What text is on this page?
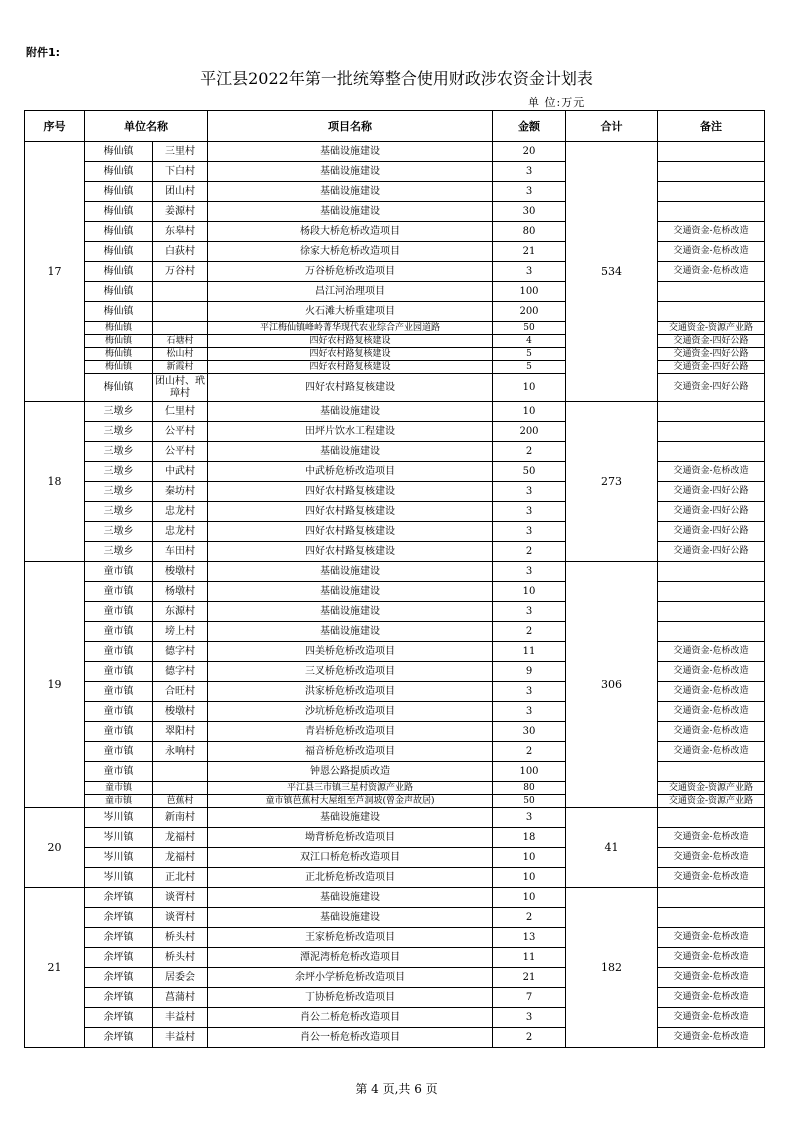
附件1:
平江县2022年第一批统筹整合使用财政涉农资金计划表
单 位:万元
序号	单位名称		项目名称	金额	合计	备注
17	梅仙镇	三里村	基础设施建设	20	534	
	梅仙镇	下白村	基础设施建设	3		
	梅仙镇	团山村	基础设施建设	3		
	梅仙镇	姜源村	基础设施建设	30		
	梅仙镇	东皋村	杨段大桥危桥改造项目	80		交通资金-危桥改造
	梅仙镇	白荻村	徐家大桥危桥改造项目	21		交通资金-危桥改造
	梅仙镇	万谷村	万谷桥危桥改造项目	3		交通资金-危桥改造
	梅仙镇		昌江河治理项目	100		
	梅仙镇		火石滩大桥重建项目	200		
	梅仙镇		平江梅仙镇峰岭菁华现代农业综合产业园道路	50		交通资金-资源产业路
	梅仙镇	石塘村	四好农村路复核建设	4		交通资金-四好公路
	梅仙镇	松山村	四好农村路复核建设	5		交通资金-四好公路
	梅仙镇	新霞村	四好农村路复核建设	5		交通资金-四好公路
	梅仙镇	团山村、玳璋村	四好农村路复核建设	10		交通资金-四好公路
18	三墩乡	仁里村	基础设施建设	10	273	
	三墩乡	公平村	田坪片饮水工程建设	200		
	三墩乡	公平村	基础设施建设	2		
	三墩乡	中武村	中武桥危桥改造项目	50		交通资金-危桥改造
	三墩乡	秦坊村	四好农村路复核建设	3		交通资金-四好公路
	三墩乡	忠龙村	四好农村路复核建设	3		交通资金-四好公路
	三墩乡	忠龙村	四好农村路复核建设	3		交通资金-四好公路
	三墩乡	车田村	四好农村路复核建设	2		交通资金-四好公路
19	童市镇	梭墩村	基础设施建设	3	306	
	童市镇	杨墩村	基础设施建设	10		
	童市镇	东源村	基础设施建设	3		
	童市镇	塝上村	基础设施建设	2		
	童市镇	德字村	四美桥危桥改造项目	11		交通资金-危桥改造
	童市镇	德字村	三叉桥危桥改造项目	9		交通资金-危桥改造
	童市镇	合旺村	洪家桥危桥改造项目	3		交通资金-危桥改造
	童市镇	梭墩村	沙坑桥危桥改造项目	3		交通资金-危桥改造
	童市镇	翠阳村	青岩桥危桥改造项目	30		交通资金-危桥改造
	童市镇	永响村	福音桥危桥改造项目	2		交通资金-危桥改造
	童市镇		钟恩公路提质改造	100		
	童市镇		平江县三市镇三星村资源产业路	80		交通资金-资源产业路
	童市镇	芭蕉村	童市镇芭蕉村大屋组至芦洞坡(曾金声故居)	50		交通资金-资源产业路
20	岑川镇	新南村	基础设施建设	3	41	
	岑川镇	龙福村	坳背桥危桥改造项目	18		交通资金-危桥改造
	岑川镇	龙福村	双江口桥危桥改造项目	10		交通资金-危桥改造
	岑川镇	正北村	正北桥危桥改造项目	10		交通资金-危桥改造
21	余坪镇	谈胥村	基础设施建设	10	182	
	余坪镇	谈胥村	基础设施建设	2		
	余坪镇	桥头村	王家桥危桥改造项目	13		交通资金-危桥改造
	余坪镇	桥头村	潭泥湾桥危桥改造项目	11		交通资金-危桥改造
	余坪镇	居委会	余坪小学桥危桥改造项目	21		交通资金-危桥改造
	余坪镇	菖蒲村	丁协桥危桥改造项目	7		交通资金-危桥改造
	余坪镇	丰益村	肖公二桥危桥改造项目	3		交通资金-危桥改造
	余坪镇	丰益村	肖公一桥危桥改造项目	2		交通资金-危桥改造
第 4 页,共 6 页
